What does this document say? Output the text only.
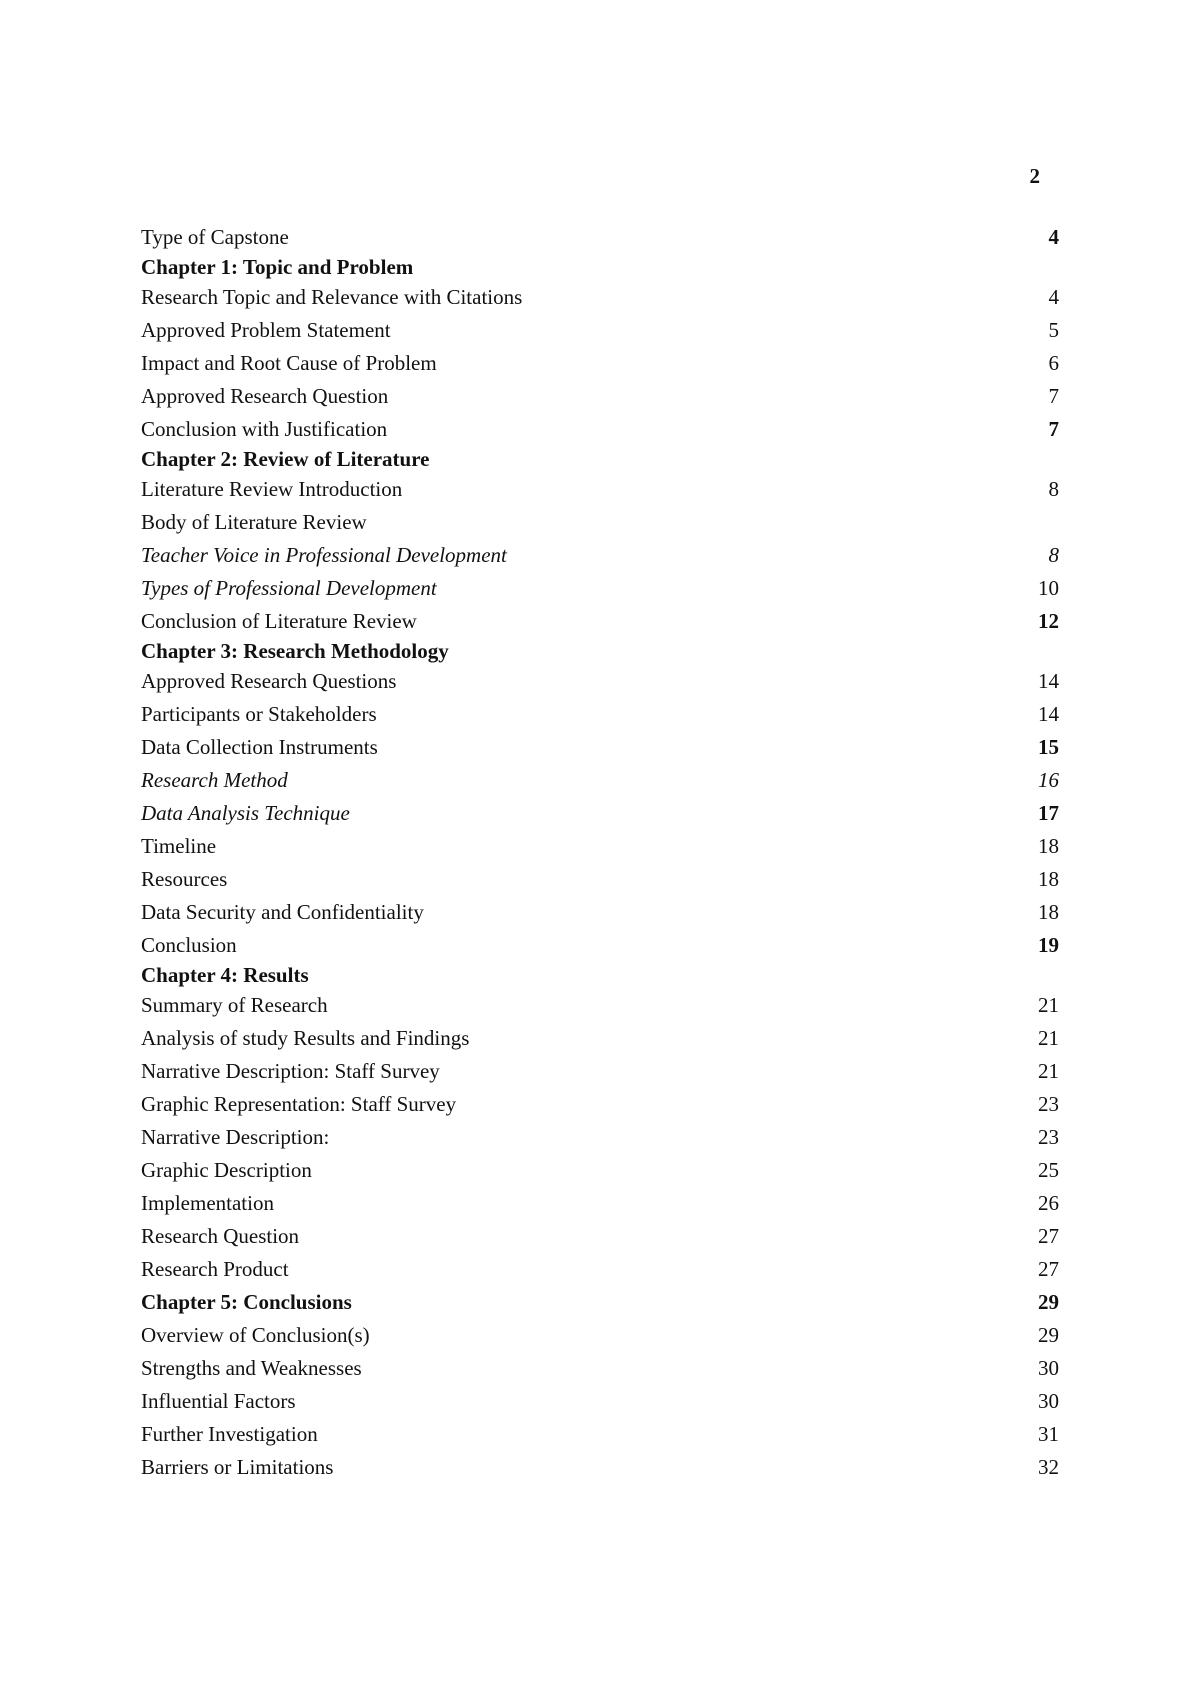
2
Type of Capstone	4
Chapter 1: Topic and Problem
Research Topic and Relevance with Citations	4
Approved Problem Statement	5
Impact and Root Cause of Problem	6
Approved Research Question	7
Conclusion with Justification	7
Chapter 2: Review of Literature
Literature Review Introduction	8
Body of Literature Review
Teacher Voice in Professional Development	8
Types of Professional Development	10
Conclusion of Literature Review	12
Chapter 3: Research Methodology
Approved Research Questions	14
Participants or Stakeholders	14
Data Collection Instruments	15
Research Method	16
Data Analysis Technique	17
Timeline	18
Resources	18
Data Security and Confidentiality	18
Conclusion	19
Chapter 4: Results
Summary of Research	21
Analysis of study Results and Findings	21
Narrative Description: Staff Survey	21
Graphic Representation: Staff Survey	23
Narrative Description:	23
Graphic Description	25
Implementation	26
Research Question	27
Research Product	27
Chapter 5: Conclusions	29
Overview of Conclusion(s)	29
Strengths and Weaknesses	30
Influential Factors	30
Further Investigation	31
Barriers or Limitations	32
